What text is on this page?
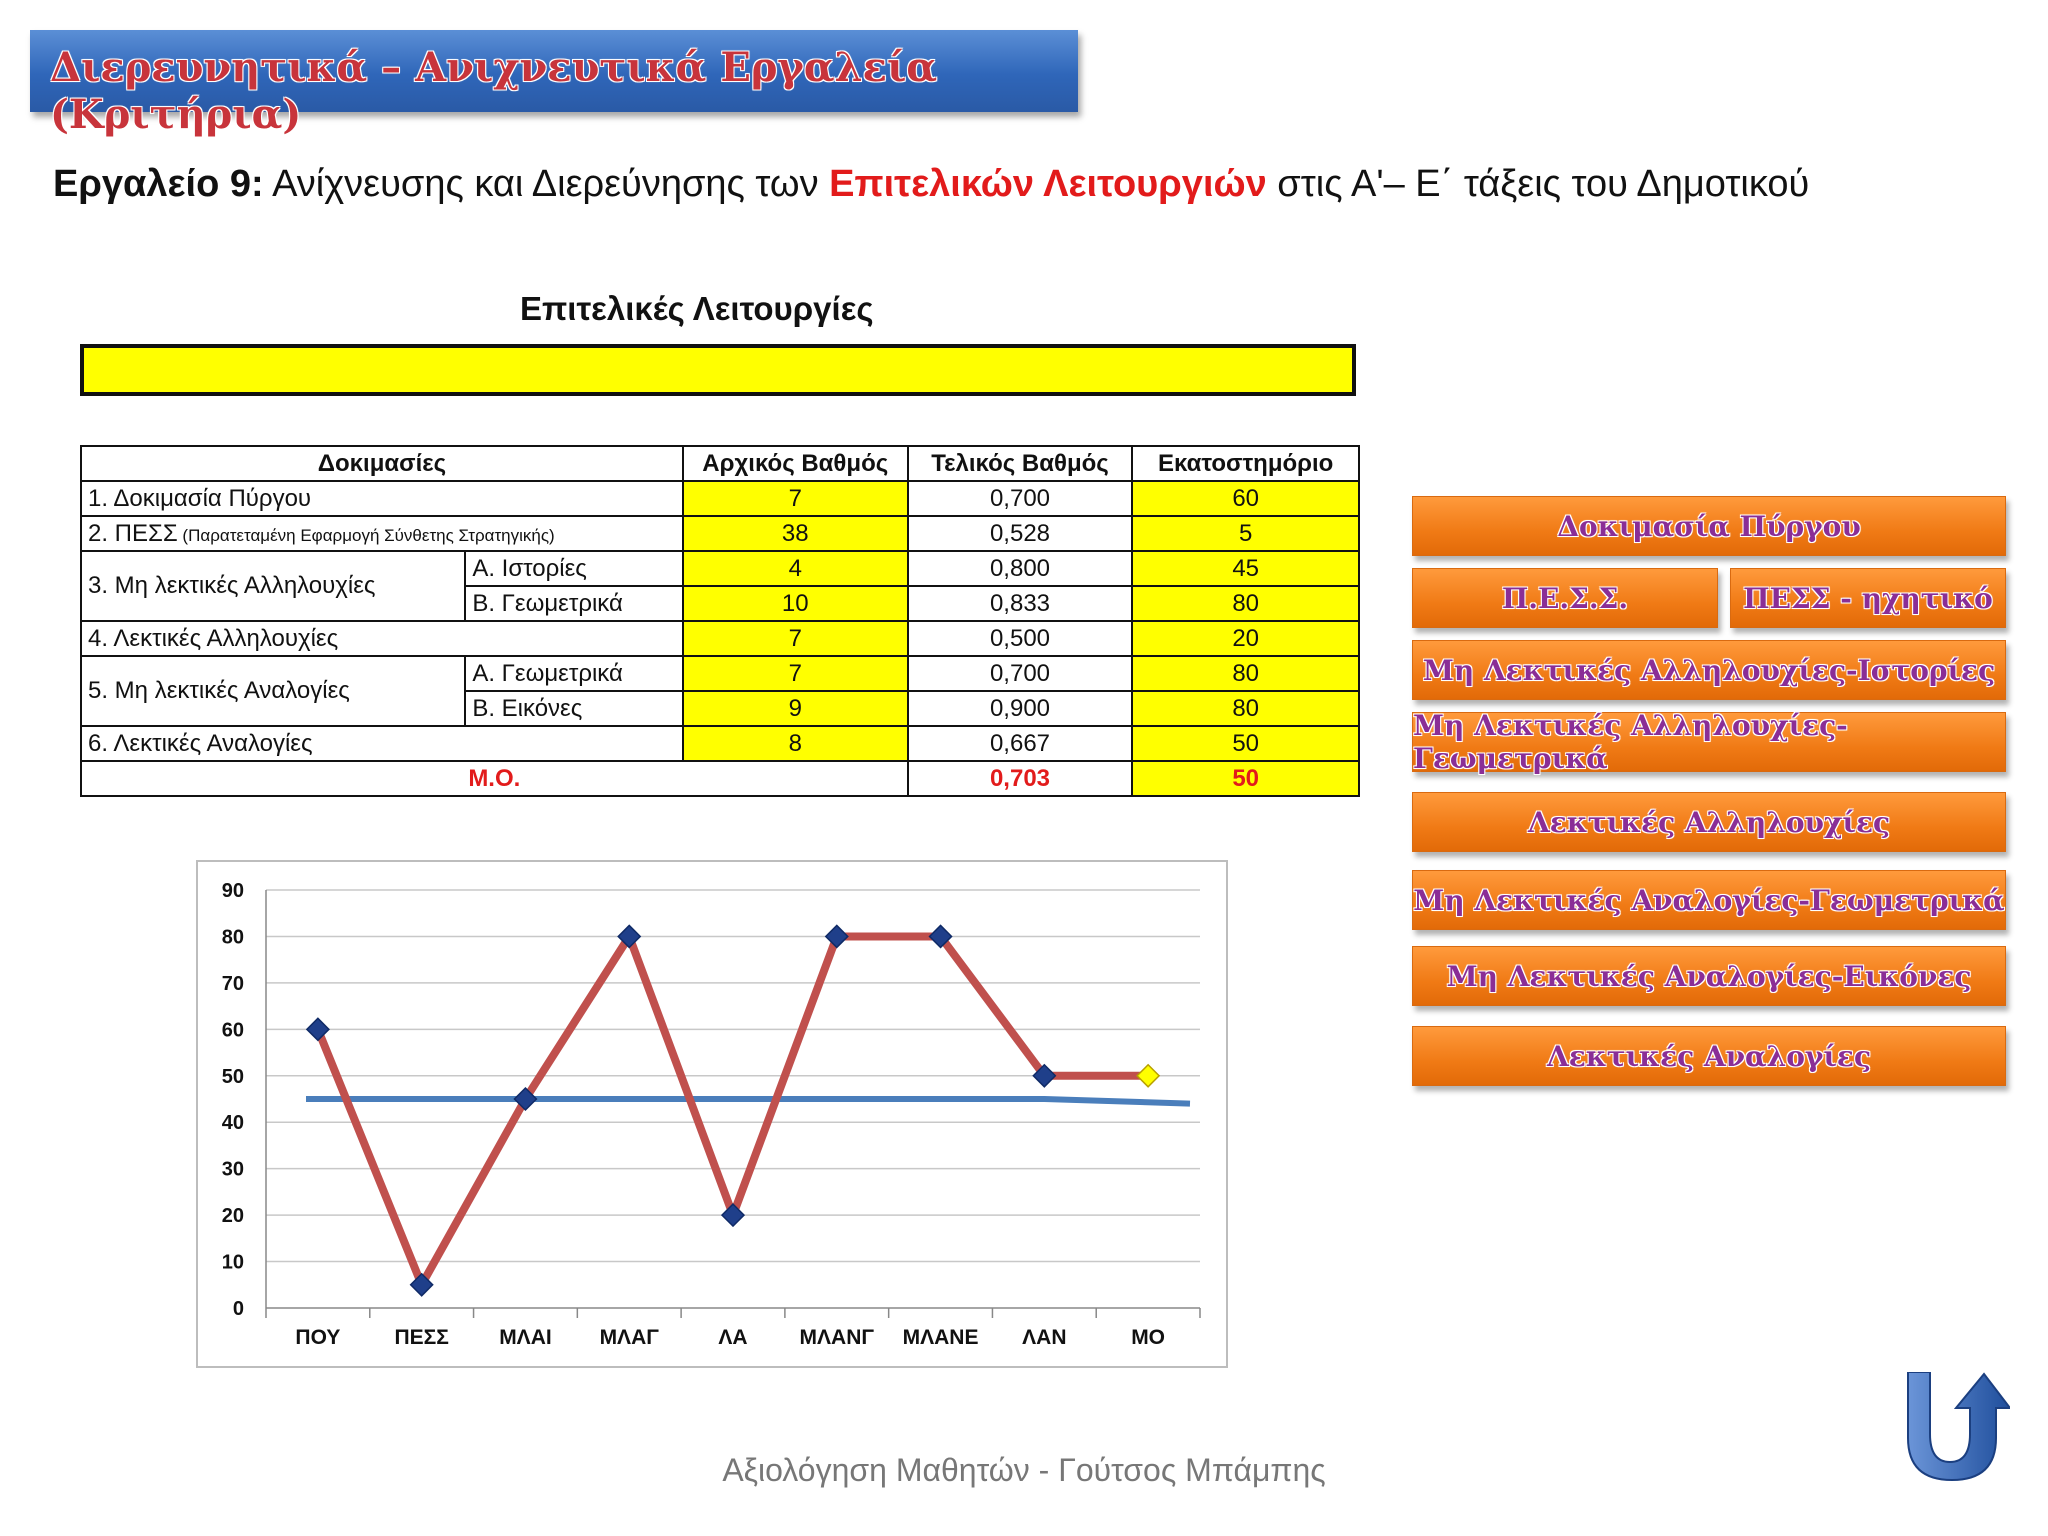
Διερευνητικά – Ανιχνευτικά Εργαλεία (Κριτήρια)
Εργαλείο 9: Ανίχνευσης και Διερεύνησης των Επιτελικών Λειτουργιών στις Α'– Ε΄ τάξεις του Δημοτικού
Επιτελικές Λειτουργίες
Δοκιμασίες		Αρχικός Βαθμός	Τελικός Βαθμός	Εκατοστημόριο
1. Δοκιμασία Πύργου		7	0,700	60
2. ΠΕΣΣ (Παρατεταμένη Εφαρμογή Σύνθετης Στρατηγικής)		38	0,528	5
3. Μη λεκτικές Αλληλουχίες	Α. Ιστορίες	4	0,800	45
	Β. Γεωμετρικά	10	0,833	80
4. Λεκτικές Αλληλουχίες		7	0,500	20
5. Μη λεκτικές Αναλογίες	Α. Γεωμετρικά	7	0,700	80
	Β. Εικόνες	9	0,900	80
6. Λεκτικές Αναλογίες		8	0,667	50
Μ.Ο.			0,703	50
0
10
20
30
40
50
60
70
80
90
ΠΟΥ	ΠΕΣΣ ΜΛΑΙ ΜΛΑΓ	ΛΑ ΜΛΑΝΓ ΜΛΑΝΕ ΛΑΝ	ΜΟ
Δοκιμασία Πύργου
Π.Ε.Σ.Σ.	ΠΕΣΣ - ηχητικό
Μη Λεκτικές Αλληλουχίες-Ιστορίες
Μη Λεκτικές Αλληλουχίες-Γεωμετρικά
Λεκτικές Αλληλουχίες
Μη Λεκτικές Αναλογίες-Γεωμετρικά
Μη Λεκτικές Αναλογίες-Εικόνες
Λεκτικές Αναλογίες
Αξιολόγηση Μαθητών - Γούτσος Μπάμπης
